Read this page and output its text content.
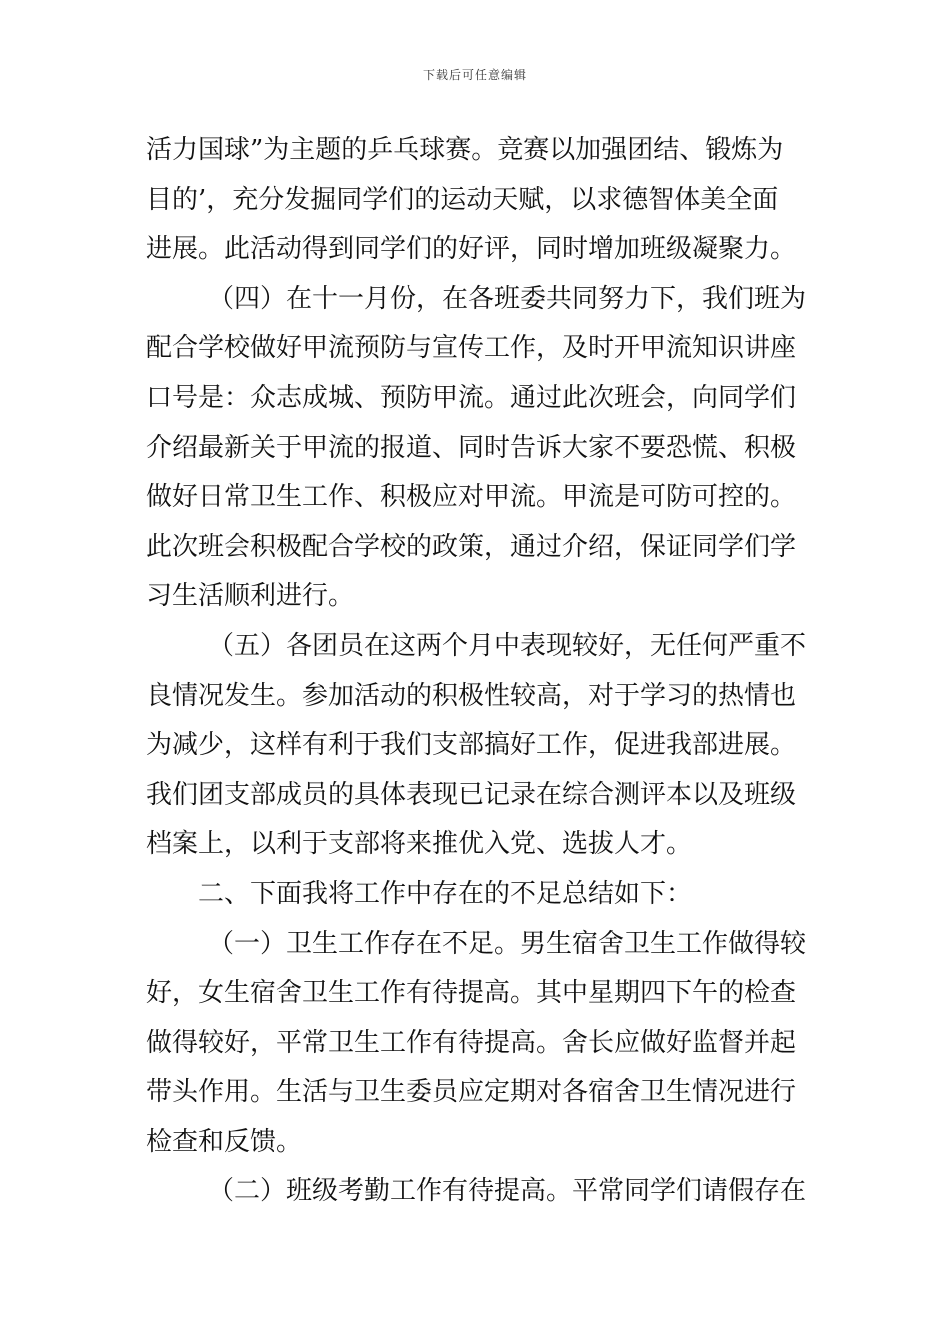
下载后可任意编辑
活力国球”为主题的乒乓球赛。竞赛以加强团结、锻炼为
目的’，充分发掘同学们的运动天赋，以求德智体美全面
进展。此活动得到同学们的好评，同时增加班级凝聚力。
（四）在十一月份，在各班委共同努力下，我们班为
配合学校做好甲流预防与宣传工作，及时开甲流知识讲座
口号是：众志成城、预防甲流。通过此次班会，向同学们
介绍最新关于甲流的报道、同时告诉大家不要恐慌、积极
做好日常卫生工作、积极应对甲流。甲流是可防可控的。
此次班会积极配合学校的政策，通过介绍，保证同学们学
习生活顺利进行。
（五）各团员在这两个月中表现较好，无任何严重不
良情况发生。参加活动的积极性较高，对于学习的热情也
为减少，这样有利于我们支部搞好工作，促进我部进展。
我们团支部成员的具体表现已记录在综合测评本以及班级
档案上，以利于支部将来推优入党、选拔人才。
二、下面我将工作中存在的不足总结如下：
（一）卫生工作存在不足。男生宿舍卫生工作做得较
好，女生宿舍卫生工作有待提高。其中星期四下午的检查
做得较好，平常卫生工作有待提高。舍长应做好监督并起
带头作用。生活与卫生委员应定期对各宿舍卫生情况进行
检查和反馈。
（二）班级考勤工作有待提高。平常同学们请假存在
